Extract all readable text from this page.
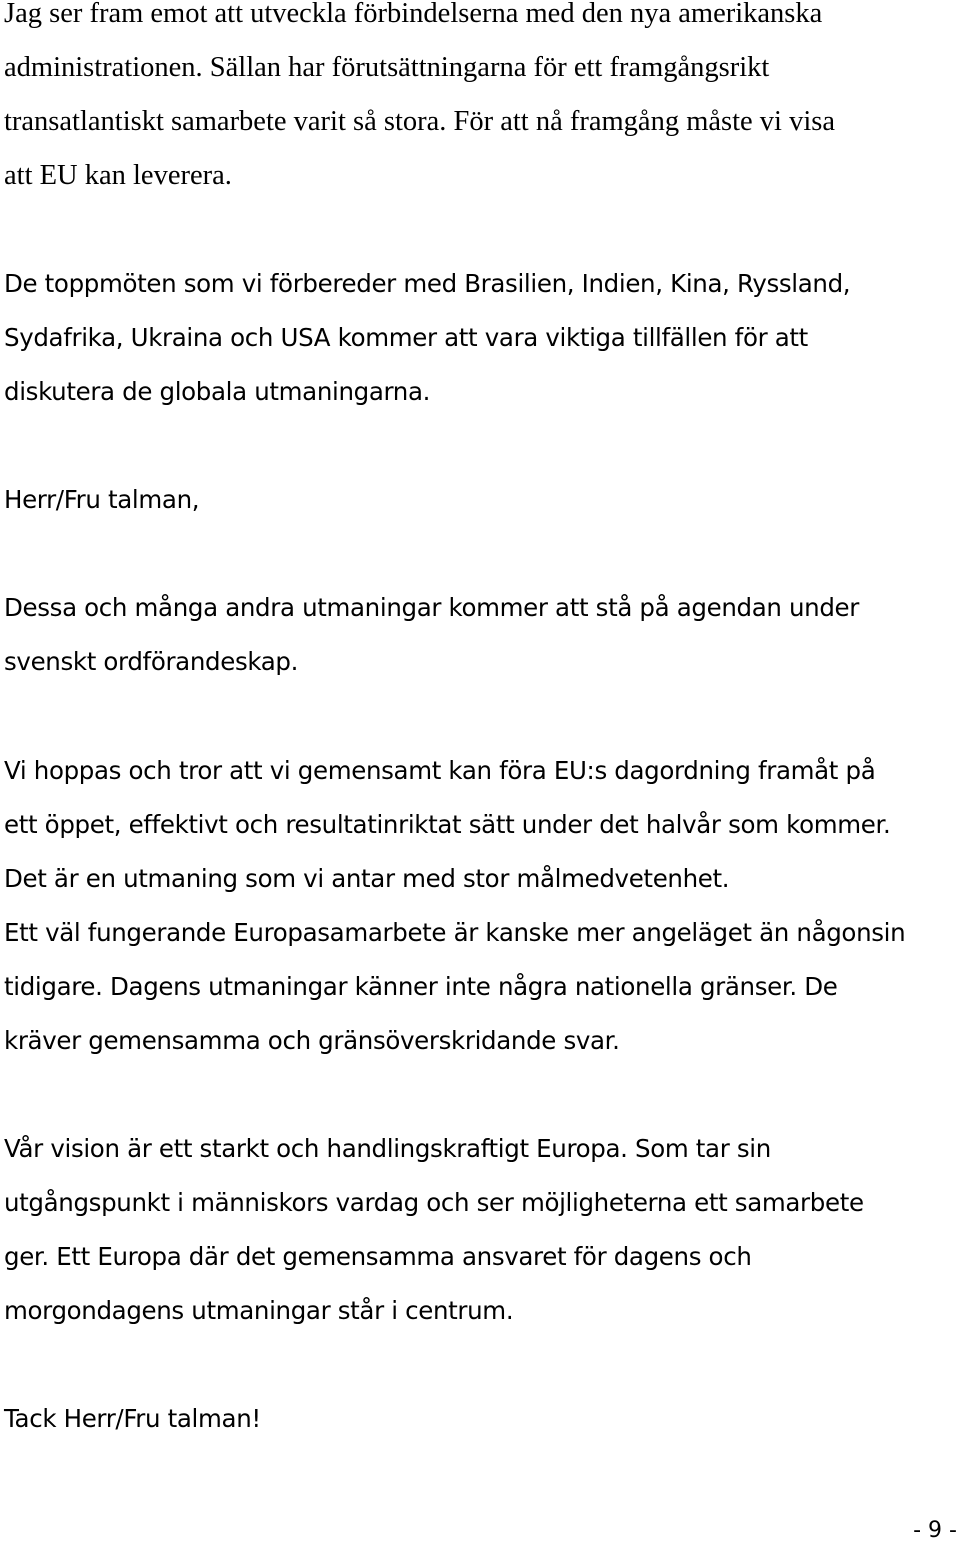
Jag ser fram emot att utveckla förbindelserna med den nya amerikanska
administrationen. Sällan har förutsättningarna för ett framgångsrikt
transatlantiskt samarbete varit så stora. För att nå framgång måste vi visa
att EU kan leverera.
De toppmöten som vi förbereder med Brasilien, Indien, Kina, Ryssland,
Sydafrika, Ukraina och USA kommer att vara viktiga tillfällen för att
diskutera de globala utmaningarna.
Herr/Fru talman,
Dessa och många andra utmaningar kommer att stå på agendan under
svenskt ordförandeskap.
Vi hoppas och tror att vi gemensamt kan föra EU:s dagordning framåt på
ett öppet, effektivt och resultatinriktat sätt under det halvår som kommer.
Det är en utmaning som vi antar med stor målmedvetenhet.
Ett väl fungerande Europasamarbete är kanske mer angeläget än någonsin
tidigare. Dagens utmaningar känner inte några nationella gränser. De
kräver gemensamma och gränsöverskridande svar.
Vår vision är ett starkt och handlingskraftigt Europa. Som tar sin
utgångspunkt i människors vardag och ser möjligheterna ett samarbete
ger. Ett Europa där det gemensamma ansvaret för dagens och
morgondagens utmaningar står i centrum.
Tack Herr/Fru talman!
- 9 -
